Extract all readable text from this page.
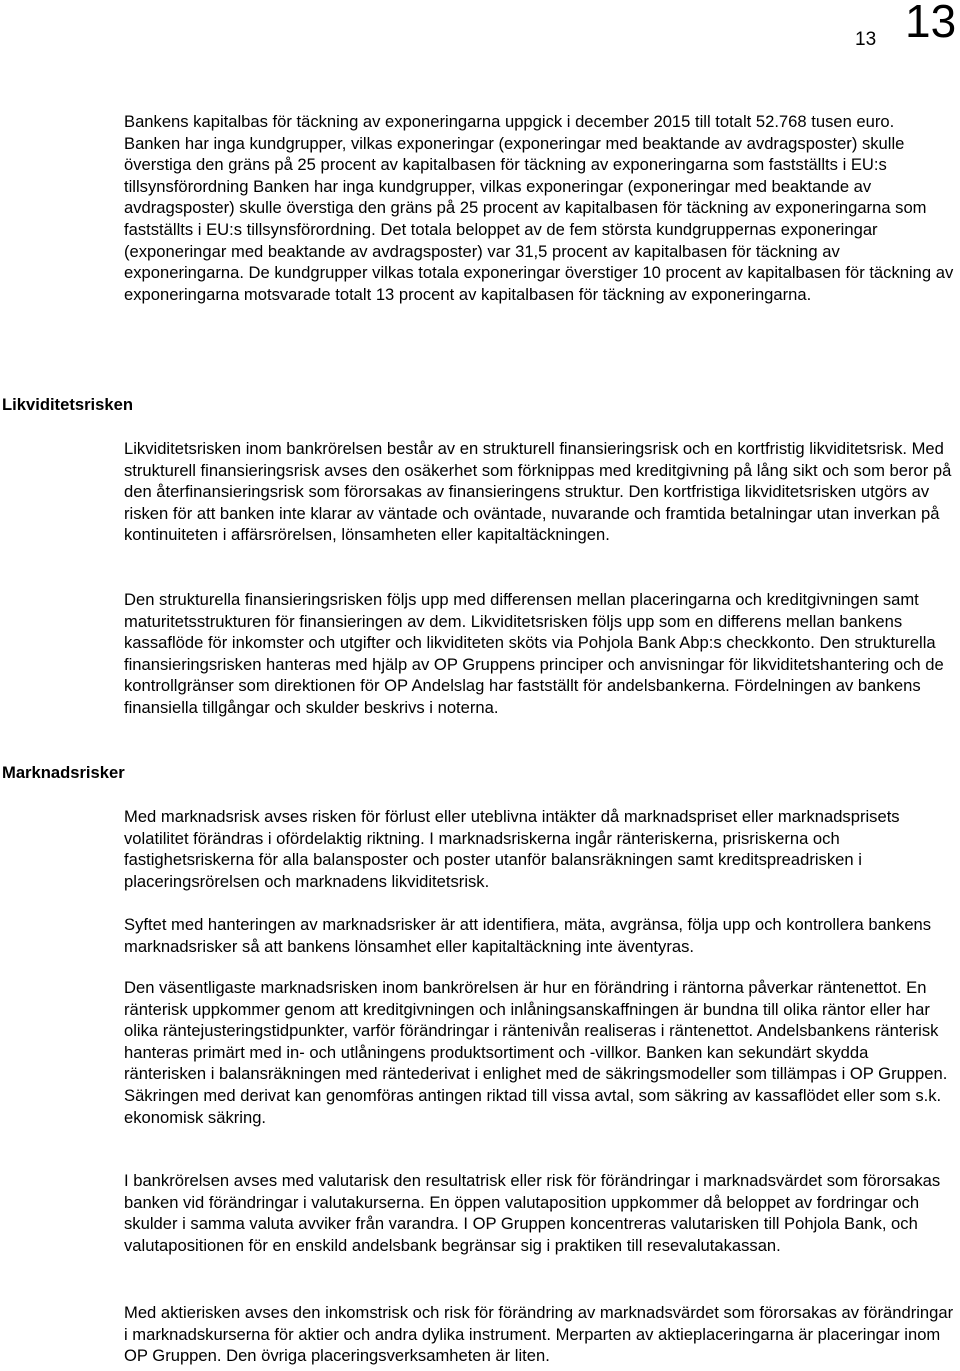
13 13

Bankens kapitalbas för täckning av exponeringarna uppgick i december 2015 till totalt 52.768 tusen euro. Banken har inga kundgrupper, vilkas exponeringar (exponeringar med beaktande av avdragsposter) skulle överstiga den gräns på 25 procent av kapitalbasen för täckning av exponeringarna som fastställts i EU:s tillsynsförordning Banken har inga kundgrupper, vilkas exponeringar (exponeringar med beaktande av avdragsposter) skulle överstiga den gräns på 25 procent av kapitalbasen för täckning av exponeringarna som fastställts i EU:s tillsynsförordning. Det totala beloppet av de fem största kundgruppernas exponeringar (exponeringar med beaktande av avdragsposter) var 31,5 procent av kapitalbasen för täckning av exponeringarna. De kundgrupper vilkas totala exponeringar överstiger 10 procent av kapitalbasen för täckning av exponeringarna motsvarade totalt 13 procent av kapitalbasen för täckning av exponeringarna.

Likviditetsrisken

Likviditetsrisken inom bankrörelsen består av en strukturell finansieringsrisk och en kortfristig likviditetsrisk. Med strukturell finansieringsrisk avses den osäkerhet som förknippas med kreditgivning på lång sikt och som beror på den återfinansieringsrisk som förorsakas av finansieringens struktur. Den kortfristiga likviditetsrisken utgörs av risken för att banken inte klarar av väntade och oväntade, nuvarande och framtida betalningar utan inverkan på kontinuiteten i affärsrörelsen, lönsamheten eller kapitaltäckningen.

Den strukturella finansieringsrisken följs upp med differensen mellan placeringarna och kreditgivningen samt maturitetsstrukturen för finansieringen av dem. Likviditetsrisken följs upp som en differens mellan bankens kassaflöde för inkomster och utgifter och likviditeten sköts via Pohjola Bank Abp:s checkkonto. Den strukturella finansieringsrisken hanteras med hjälp av OP Gruppens principer och anvisningar för likviditetshantering och de kontrollgränser som direktionen för OP Andelslag har fastställt för andelsbankerna. Fördelningen av bankens finansiella tillgångar och skulder beskrivs i noterna.

Marknadsrisker

Med marknadsrisk avses risken för förlust eller uteblivna intäkter då marknadspriset eller marknadsprisets volatilitet förändras i ofördelaktig riktning. I marknadsriskerna ingår ränteriskerna, prisriskerna och fastighetsriskerna för alla balansposter och poster utanför balansräkningen samt kreditspreadrisken i placeringsrörelsen och marknadens likviditetsrisk.

Syftet med hanteringen av marknadsrisker är att identifiera, mäta, avgränsa, följa upp och kontrollera bankens marknadsrisker så att bankens lönsamhet eller kapitaltäckning inte äventyras.

Den väsentligaste marknadsrisken inom bankrörelsen är hur en förändring i räntorna påverkar räntenettot. En ränterisk uppkommer genom att kreditgivningen och inlåningsanskaffningen är bundna till olika räntor eller har olika räntejusteringstidpunkter, varför förändringar i räntenivån realiseras i räntenettot. Andelsbankens ränterisk hanteras primärt med in- och utlåningens produktsortiment och -villkor. Banken kan sekundärt skydda ränterisken i balansräkningen med räntederivat i enlighet med de säkringsmodeller som tillämpas i OP Gruppen. Säkringen med derivat kan genomföras antingen riktad till vissa avtal, som säkring av kassaflödet eller som s.k. ekonomisk säkring.

I bankrörelsen avses med valutarisk den resultatrisk eller risk för förändringar i marknadsvärdet som förorsakas banken vid förändringar i valutakurserna. En öppen valutaposition uppkommer då beloppet av fordringar och skulder i samma valuta avviker från varandra. I OP Gruppen koncentreras valutarisken till Pohjola Bank, och valutapositionen för en enskild andelsbank begränsar sig i praktiken till resevalutakassan.

Med aktierisken avses den inkomstrisk och risk för förändring av marknadsvärdet som förorsakas av förändringar i marknadskurserna för aktier och andra dylika instrument. Merparten av aktieplaceringarna är placeringar inom OP Gruppen. Den övriga placeringsverksamheten är liten.
